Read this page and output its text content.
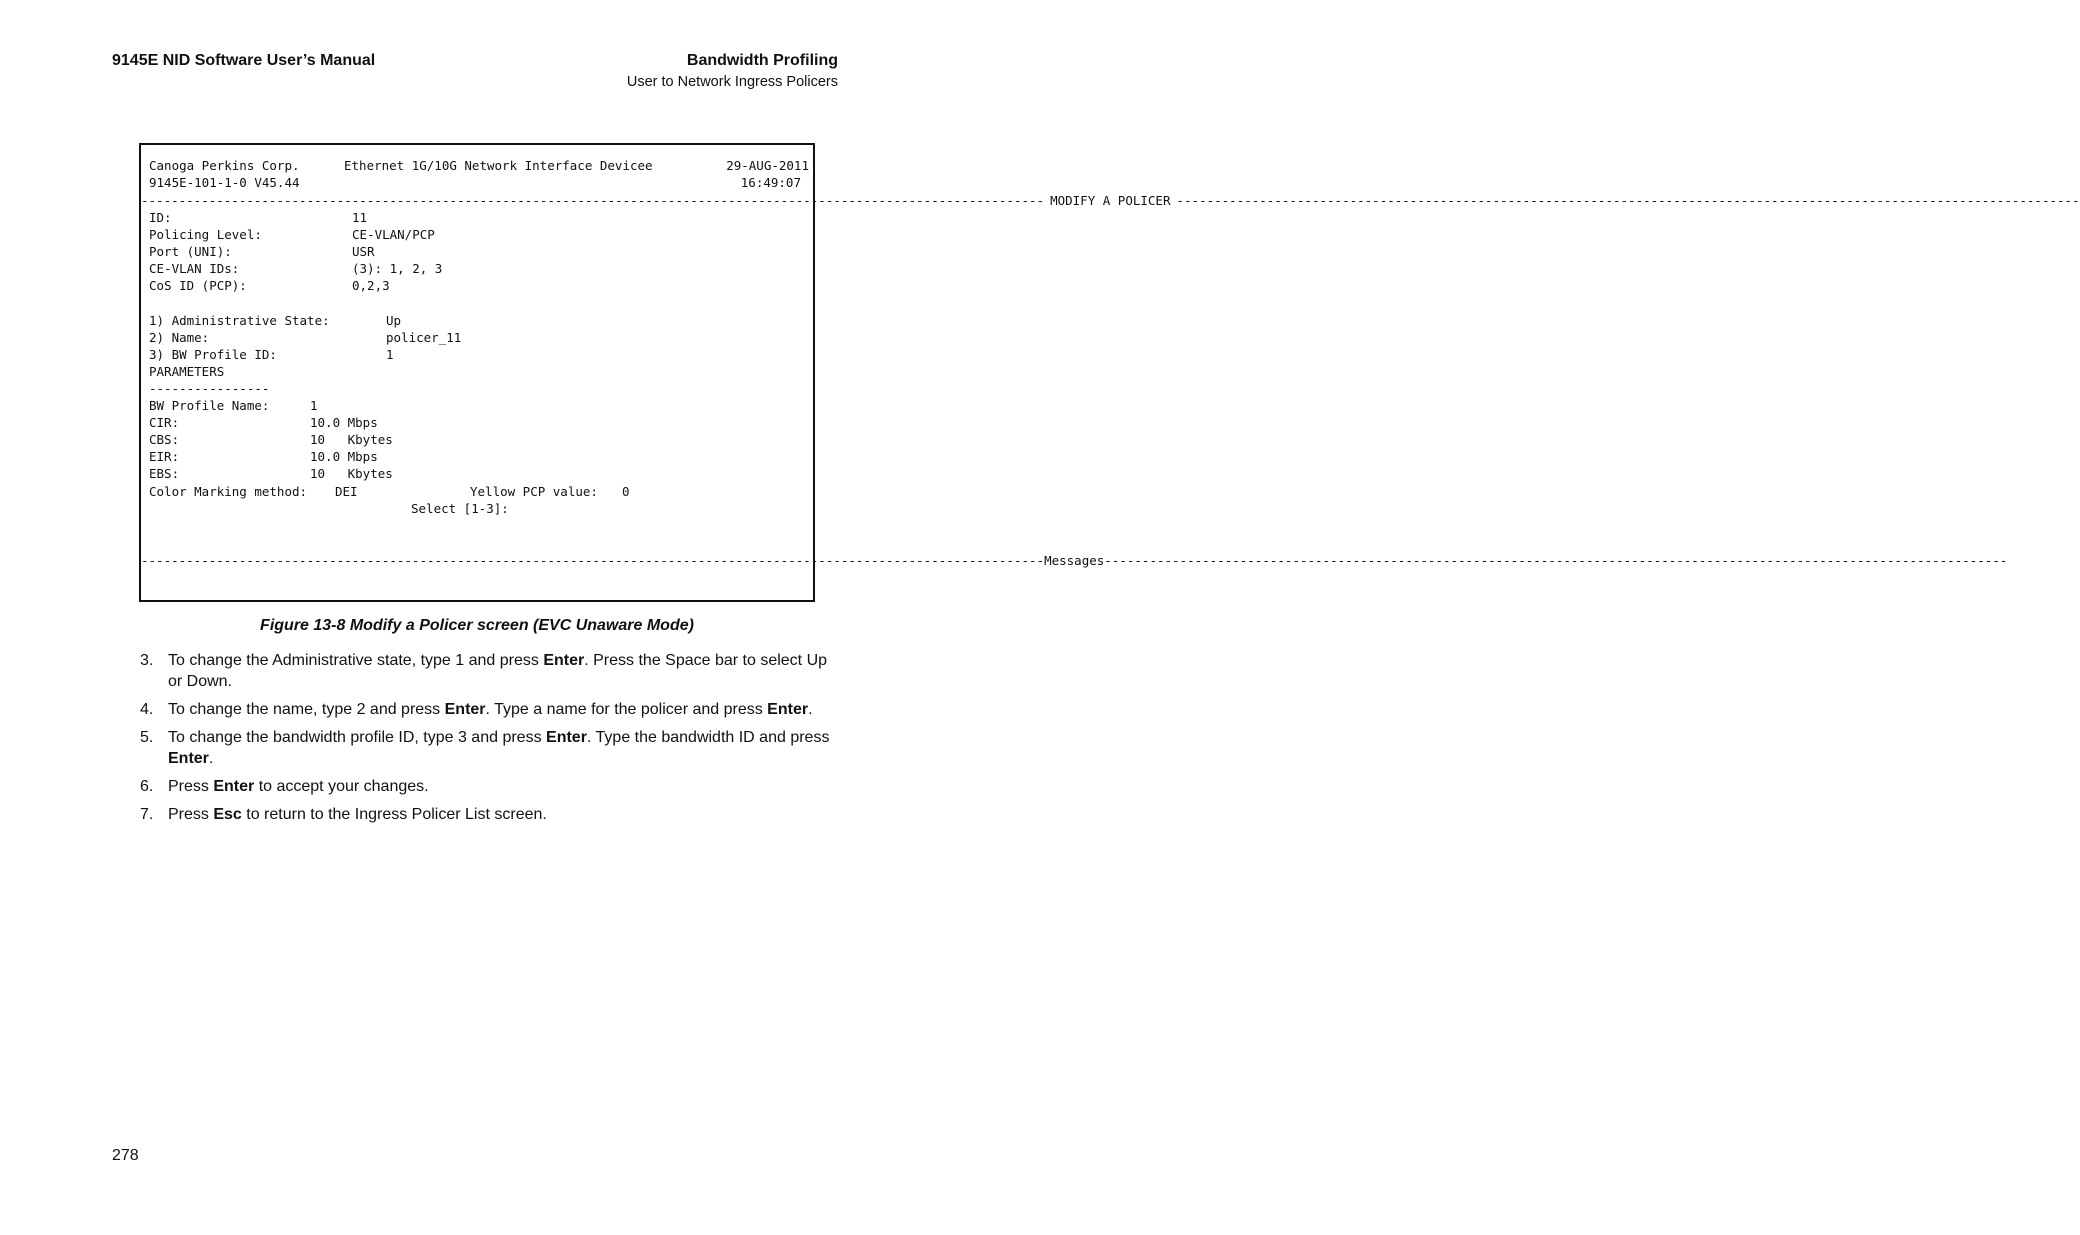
9145E NID Software User’s Manual	Bandwidth Profiling
User to Network Ingress Policers
Canoga Perkins Corp.	Ethernet 1G/10G Network Interface Devicee	29-AUG-2011
9145E-101-1-0 V45.44	16:49:07
------------------------------------------------------------------------------------------------------------------------ MODIFY A POLICER ------------------------------------------------------------------------------------------------------------------------
ID:	11
Policing Level:	CE-VLAN/PCP
Port (UNI):	USR
CE-VLAN IDs:	(3): 1, 2, 3
CoS ID (PCP):	0,2,3
1) Administrative State:	Up
2) Name:	policer_11
3) BW Profile ID:	1
PARAMETERS
----------------
BW Profile Name:	1
CIR:	10.0 Mbps
CBS:	10   Kbytes
EIR:	10.0 Mbps
EBS:	10   Kbytes
Color Marking method: DEI	Yellow PCP value: 0
Select [1-3]:
------------------------------------------------------------------------------------------------------------------------ Messages ------------------------------------------------------------------------------------------------------------------------
Figure 13-8 Modify a Policer screen (EVC Unaware Mode)
3. To change the Administrative state, type 1 and press Enter. Press the Space bar to select Up or Down.
4. To change the name, type 2 and press Enter. Type a name for the policer and press Enter.
5. To change the bandwidth profile ID, type 3 and press Enter. Type the bandwidth ID and press Enter.
6. Press Enter to accept your changes.
7. Press Esc to return to the Ingress Policer List screen.
278
